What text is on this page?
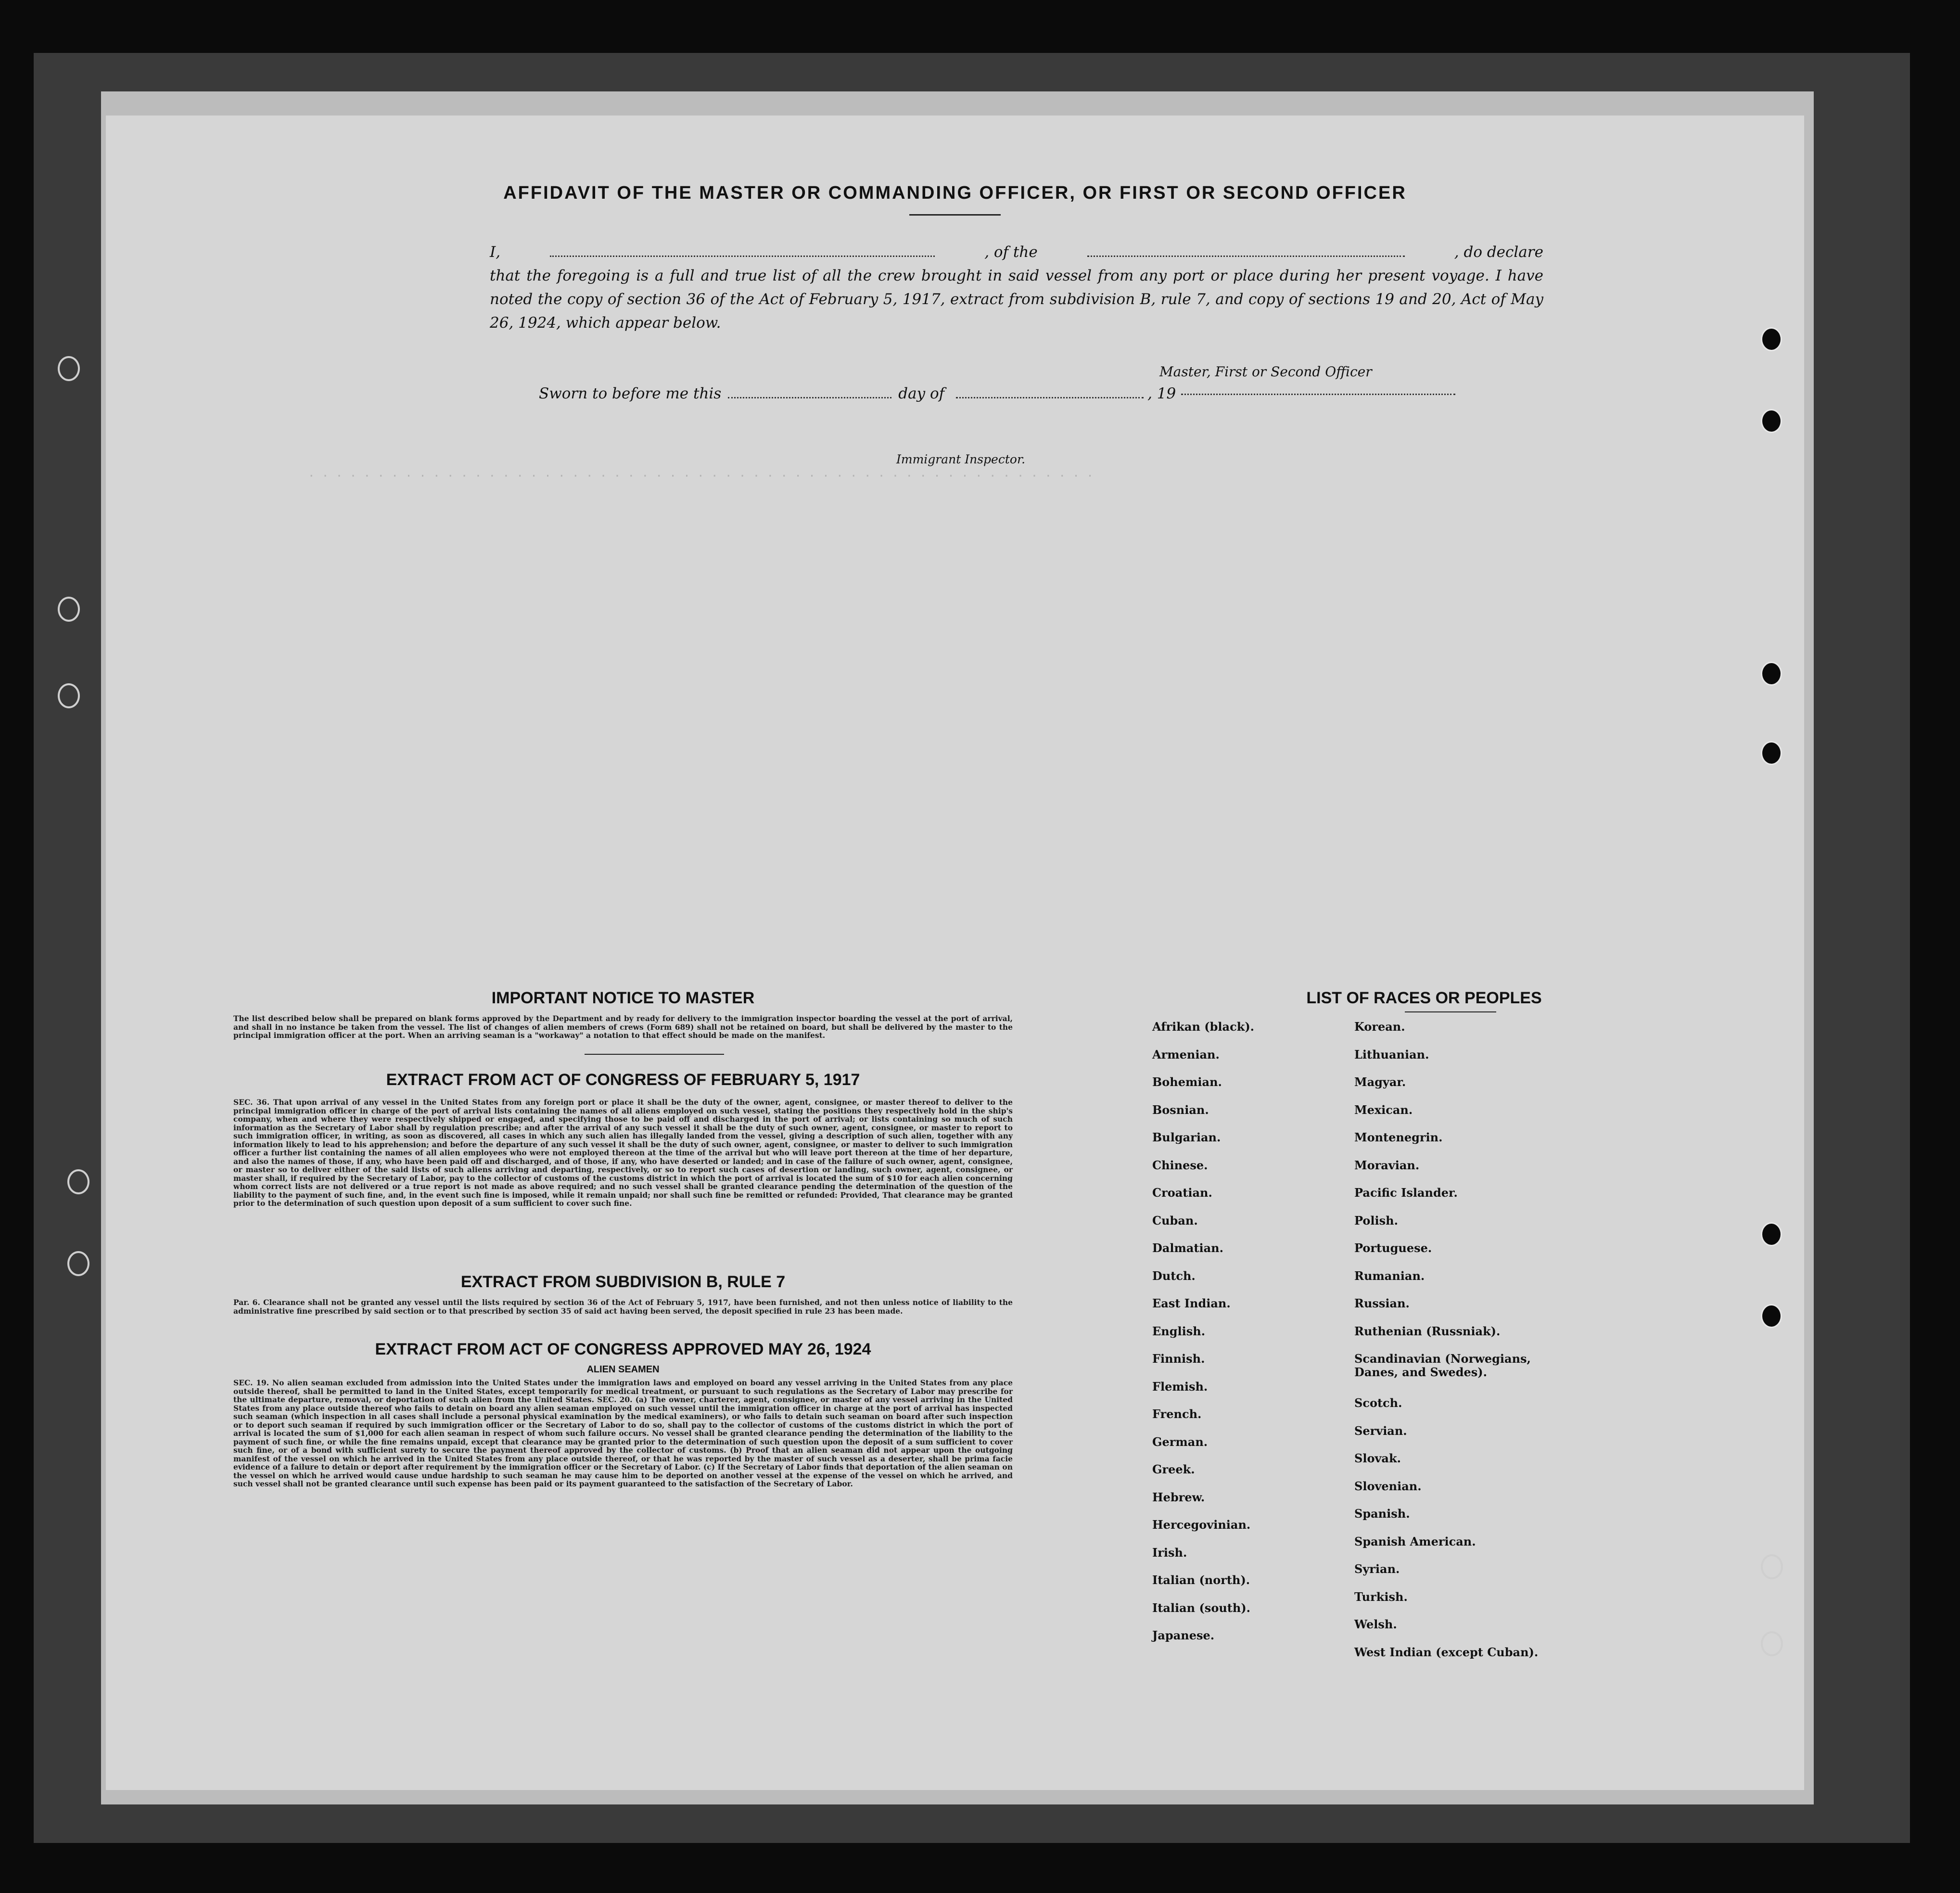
· · · · · · · · · · · · · · · · · · · · · · · · · · · · · · · · · · · · · · · · · · · · · · · · · · · · · · · · ·
AFFIDAVIT OF THE MASTER OR COMMANDING OFFICER, OR FIRST OR SECOND OFFICER
I,	, of the	, do declare
that the foregoing is a full and true list of all the crew brought in said vessel from any port or place during her present voyage. I have noted the copy of section 36 of the Act of February 5, 1917, extract from subdivision B, rule 7, and copy of sections 19 and 20, Act of May 26, 1924, which appear below.
Master, First or Second Officer
Sworn to before me this	day of	, 19
Immigrant Inspector.
IMPORTANT NOTICE TO MASTER
The list described below shall be prepared on blank forms approved by the Department and by ready for delivery to the immigration inspector boarding the vessel at the port of arrival, and shall in no instance be taken from the vessel. The list of changes of alien members of crews (Form 689) shall not be retained on board, but shall be delivered by the master to the principal immigration officer at the port. When an arriving seaman is a "workaway" a notation to that effect should be made on the manifest.
EXTRACT FROM ACT OF CONGRESS OF FEBRUARY 5, 1917
SEC. 36. That upon arrival of any vessel in the United States from any foreign port or place it shall be the duty of the owner, agent, consignee, or master thereof to deliver to the principal immigration officer in charge of the port of arrival lists containing the names of all aliens employed on such vessel, stating the positions they respectively hold in the ship's company, when and where they were respectively shipped or engaged, and specifying those to be paid off and discharged in the port of arrival; or lists containing so much of such information as the Secretary of Labor shall by regulation prescribe; and after the arrival of any such vessel it shall be the duty of such owner, agent, consignee, or master to report to such immigration officer, in writing, as soon as discovered, all cases in which any such alien has illegally landed from the vessel, giving a description of such alien, together with any information likely to lead to his apprehension; and before the departure of any such vessel it shall be the duty of such owner, agent, consignee, or master to deliver to such immigration officer a further list containing the names of all alien employees who were not employed thereon at the time of the arrival but who will leave port thereon at the time of her departure, and also the names of those, if any, who have been paid off and discharged, and of those, if any, who have deserted or landed; and in case of the failure of such owner, agent, consignee, or master so to deliver either of the said lists of such aliens arriving and departing, respectively, or so to report such cases of desertion or landing, such owner, agent, consignee, or master shall, if required by the Secretary of Labor, pay to the collector of customs of the customs district in which the port of arrival is located the sum of $10 for each alien concerning whom correct lists are not delivered or a true report is not made as above required; and no such vessel shall be granted clearance pending the determination of the question of the liability to the payment of such fine, and, in the event such fine is imposed, while it remain unpaid; nor shall such fine be remitted or refunded: Provided, That clearance may be granted prior to the determination of such question upon deposit of a sum sufficient to cover such fine.
EXTRACT FROM SUBDIVISION B, RULE 7
Par. 6. Clearance shall not be granted any vessel until the lists required by section 36 of the Act of February 5, 1917, have been furnished, and not then unless notice of liability to the administrative fine prescribed by said section or to that prescribed by section 35 of said act having been served, the deposit specified in rule 23 has been made.
EXTRACT FROM ACT OF CONGRESS APPROVED MAY 26, 1924
ALIEN SEAMEN
SEC. 19. No alien seaman excluded from admission into the United States under the immigration laws and employed on board any vessel arriving in the United States from any place outside thereof, shall be permitted to land in the United States, except temporarily for medical treatment, or pursuant to such regulations as the Secretary of Labor may prescribe for the ultimate departure, removal, or deportation of such alien from the United States. SEC. 20. (a) The owner, charterer, agent, consignee, or master of any vessel arriving in the United States from any place outside thereof who fails to detain on board any alien seaman employed on such vessel until the immigration officer in charge at the port of arrival has inspected such seaman (which inspection in all cases shall include a personal physical examination by the medical examiners), or who fails to detain such seaman on board after such inspection or to deport such seaman if required by such immigration officer or the Secretary of Labor to do so, shall pay to the collector of customs of the customs district in which the port of arrival is located the sum of $1,000 for each alien seaman in respect of whom such failure occurs. No vessel shall be granted clearance pending the determination of the liability to the payment of such fine, or while the fine remains unpaid, except that clearance may be granted prior to the determination of such question upon the deposit of a sum sufficient to cover such fine, or of a bond with sufficient surety to secure the payment thereof approved by the collector of customs. (b) Proof that an alien seaman did not appear upon the outgoing manifest of the vessel on which he arrived in the United States from any place outside thereof, or that he was reported by the master of such vessel as a deserter, shall be prima facie evidence of a failure to detain or deport after requirement by the immigration officer or the Secretary of Labor. (c) If the Secretary of Labor finds that deportation of the alien seaman on the vessel on which he arrived would cause undue hardship to such seaman he may cause him to be deported on another vessel at the expense of the vessel on which he arrived, and such vessel shall not be granted clearance until such expense has been paid or its payment guaranteed to the satisfaction of the Secretary of Labor.
LIST OF RACES OR PEOPLES
Afrikan (black).
Armenian.
Bohemian.
Bosnian.
Bulgarian.
Chinese.
Croatian.
Cuban.
Dalmatian.
Dutch.
East Indian.
English.
Finnish.
Flemish.
French.
German.
Greek.
Hebrew.
Hercegovinian.
Irish.
Italian (north).
Italian (south).
Japanese.
Korean.
Lithuanian.
Magyar.
Mexican.
Montenegrin.
Moravian.
Pacific Islander.
Polish.
Portuguese.
Rumanian.
Russian.
Ruthenian (Russniak).
Scandinavian (Norwegians, Danes, and Swedes).
Scotch.
Servian.
Slovak.
Slovenian.
Spanish.
Spanish American.
Syrian.
Turkish.
Welsh.
West Indian (except Cuban).
